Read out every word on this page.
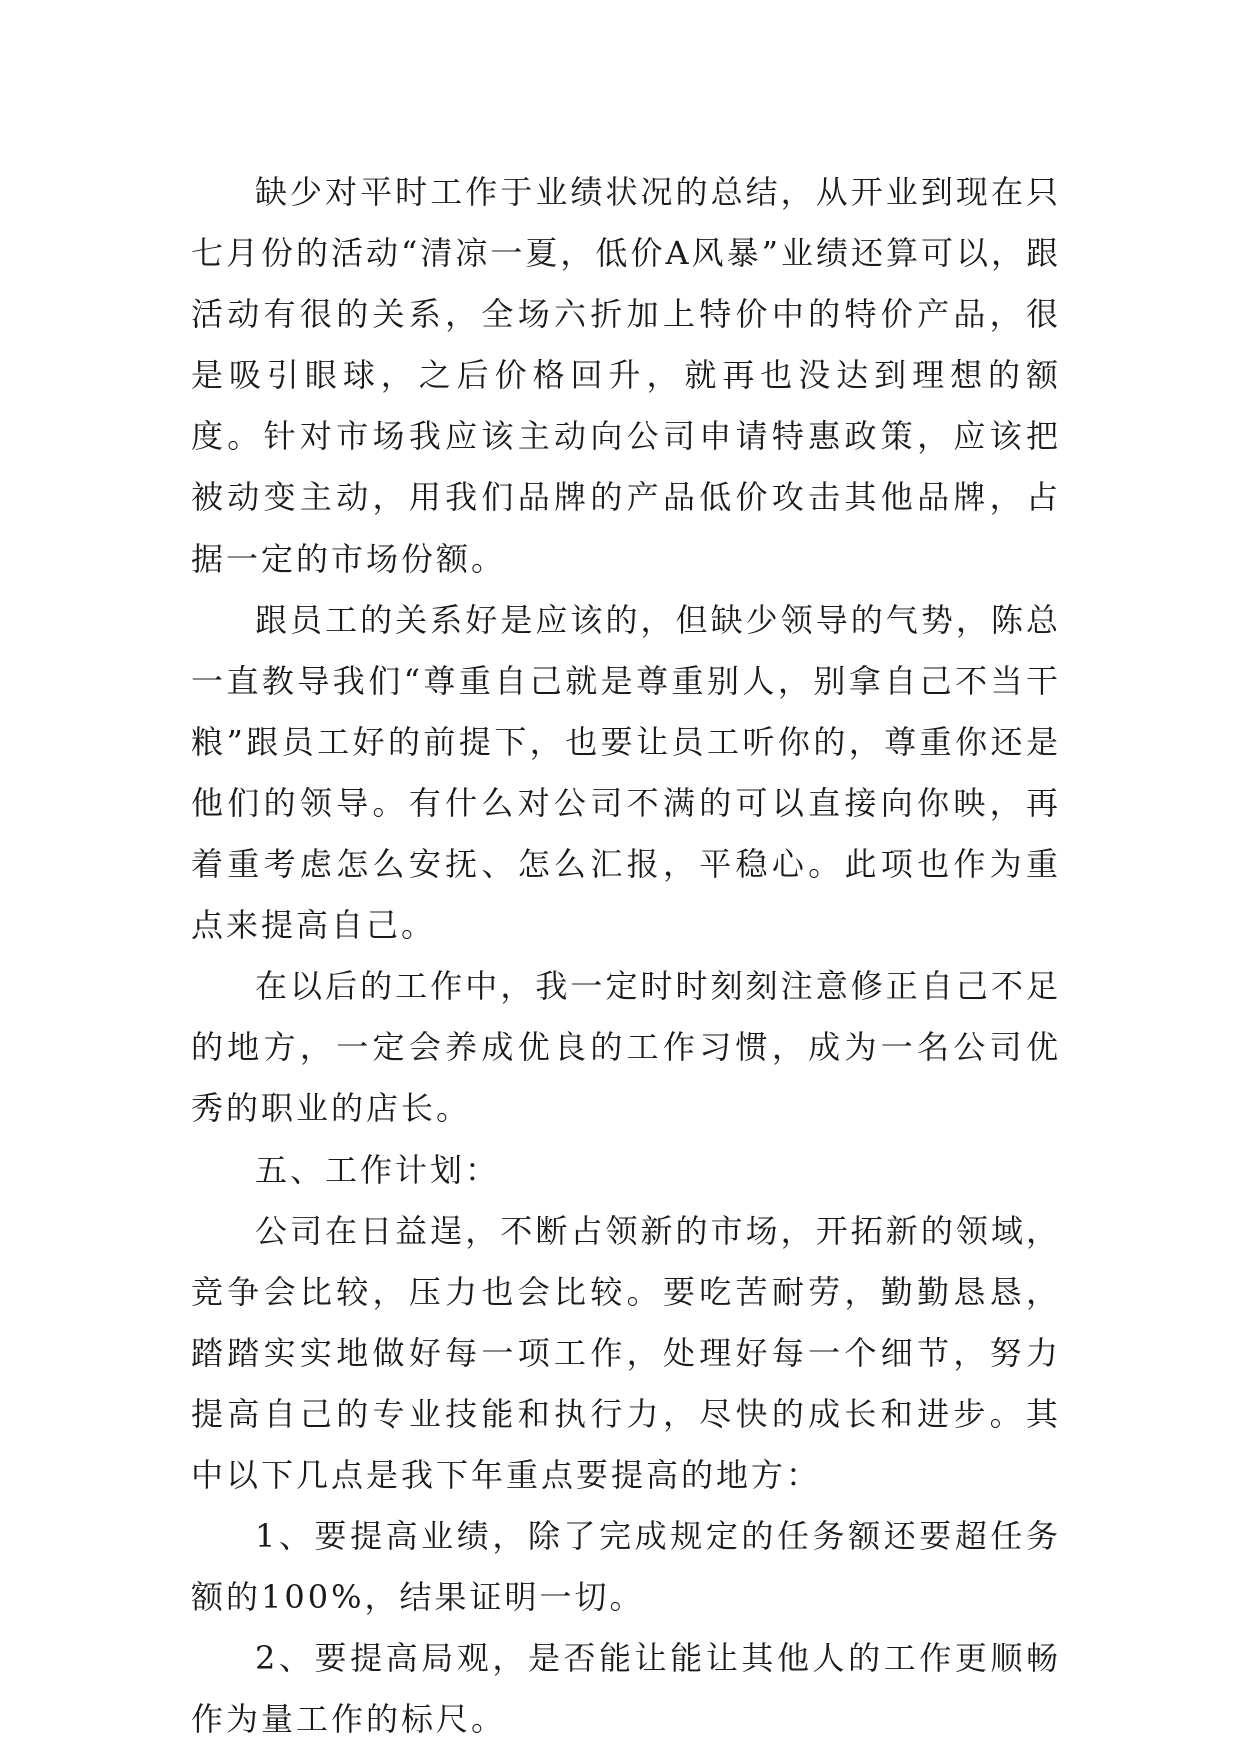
缺少对平时工作于业绩状况的总结，从开业到现在只七月份的活动“清凉一夏，低价A风暴”业绩还算可以，跟活动有很的关系，全场六折加上特价中的特价产品，很是吸引眼球，之后价格回升，就再也没达到理想的额度。针对市场我应该主动向公司申请特惠政策，应该把被动变主动，用我们品牌的产品低价攻击其他品牌，占据一定的市场份额。

跟员工的关系好是应该的，但缺少领导的气势，陈总一直教导我们“尊重自己就是尊重别人，别拿自己不当干粮”跟员工好的前提下，也要让员工听你的，尊重你还是他们的领导。有什么对公司不满的可以直接向你映，再着重考虑怎么安抚、怎么汇报，平稳心。此项也作为重点来提高自己。

在以后的工作中，我一定时时刻刻注意修正自己不足的地方，一定会养成优良的工作习惯，成为一名公司优秀的职业的店长。

五、工作计划：

公司在日益逞，不断占领新的市场，开拓新的领域，竞争会比较，压力也会比较。要吃苦耐劳，勤勤恳恳，踏踏实实地做好每一项工作，处理好每一个细节，努力提高自己的专业技能和执行力，尽快的成长和进步。其中以下几点是我下年重点要提高的地方：

1、要提高业绩，除了完成规定的任务额还要超任务额的100%，结果证明一切。

2、要提高局观，是否能让能让其他人的工作更顺畅作为量工作的标尺。
